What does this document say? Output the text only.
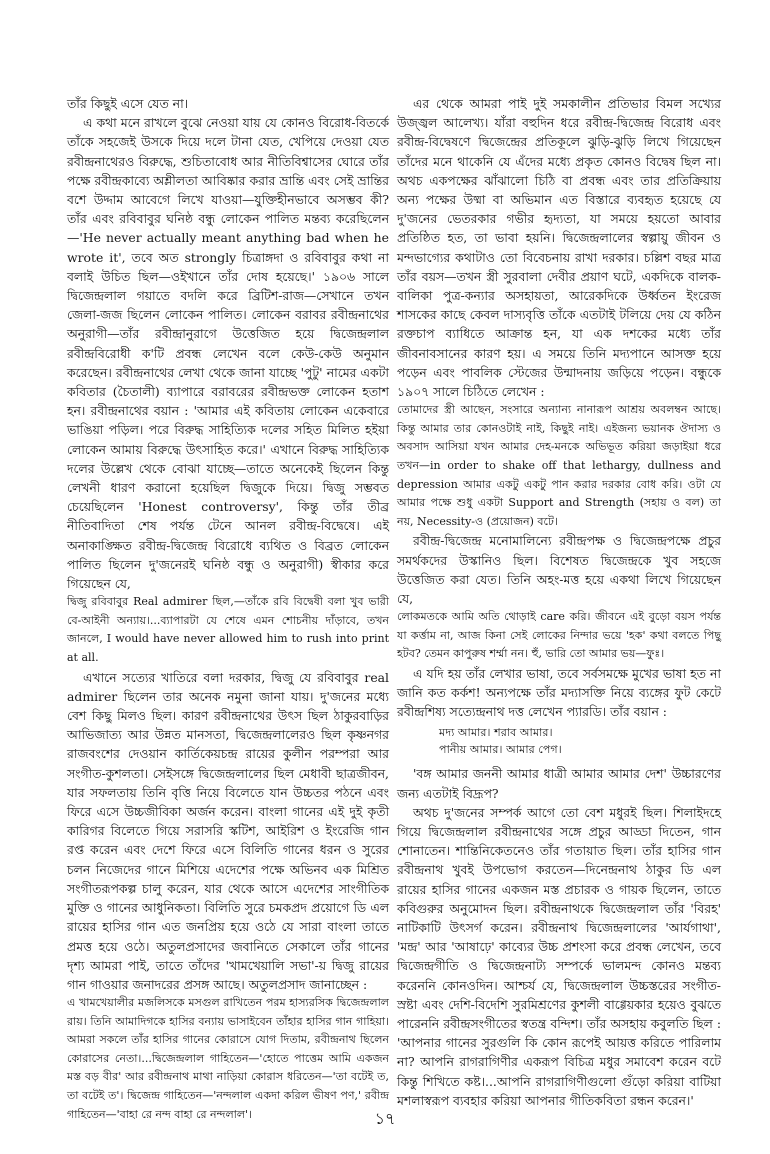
তাঁর কিছুই এসে যেত না।

এ কথা মনে রাখলে বুঝে নেওয়া যায় যে কোনও বিরোধ-বিতর্কে তাঁকে সহজেই উসকে দিয়ে দলে টানা যেত, খেপিয়ে দেওয়া যেত রবীন্দ্রনাথেরও বিরুদ্ধে, শুচিতাবোধ আর নীতিবিশ্বাসের ঘোরে তাঁর পক্ষে রবীন্দ্রকাব্যে অশ্লীলতা আবিষ্কার করার ভ্রান্তি এবং সেই ভ্রান্তির বশে উদ্দাম আবেগে লিখে যাওয়া—যুক্তিহীনভাবে অসম্ভব কী? তাঁর এবং রবিবাবুর ঘনিষ্ঠ বন্ধু লোকেন পালিত মন্তব্য করেছিলেন—'He never actually meant anything bad when he wrote it', তবে অত strongly চিত্রাঙ্গদা ও রবিবাবুর কথা না বলাই উচিত ছিল—ওইখানে তাঁর দোষ হয়েছে।' ১৯০৬ সালে দ্বিজেন্দ্রলাল গয়াতে বদলি করে ব্রিটিশ-রাজ—সেখানে তখন জেলা-জজ ছিলেন লোকেন পালিত। লোকেন বরাবর রবীন্দ্রনাথের অনুরাগী—তাঁর রবীন্দ্রানুরাগে উত্তেজিত হয়ে দ্বিজেন্দ্রলাল রবীন্দ্রবিরোধী ক'টি প্রবন্ধ লেখেন বলে কেউ-কেউ অনুমান করেছেন। রবীন্দ্রনাথের লেখা থেকে জানা যাচ্ছে 'পুটু' নামের একটা কবিতার (চৈতালী) ব্যাপারে বরাবরের রবীন্দ্রভক্ত লোকেন হতাশ হন। রবীন্দ্রনাথের বয়ান : 'আমার এই কবিতায় লোকেন একেবারে ভাঙিয়া পড়িল। পরে বিরুদ্ধ সাহিত্যিক দলের সহিত মিলিত হইয়া লোকেন আমায় বিরুদ্ধে উৎসাহিত করে।' এখানে বিরুদ্ধ সাহিত্যিক দলের উল্লেখ থেকে বোঝা যাচ্ছে—তাতে অনেকেই ছিলেন কিন্তু লেখনী ধারণ করানো হয়েছিল দ্বিজুকে দিয়ে। দ্বিজু সম্ভবত চেয়েছিলেন 'Honest controversy', কিন্তু তাঁর তীব্র নীতিবাদিতা শেষ পর্যন্ত টেনে আনল রবীন্দ্র-বিদ্বেষে। এই অনাকাঙ্ক্ষিত রবীন্দ্র-দ্বিজেন্দ্র বিরোধে ব্যথিত ও বিব্রত লোকেন পালিত ছিলেন দু'জনেরই ঘনিষ্ঠ বন্ধু ও অনুরাগী) স্বীকার করে গিয়েছেন যে,

দ্বিজু রবিবাবুর Real admirer ছিল,—তাঁকে রবি বিদ্বেষী বলা খুব ভারী বে-আইনী অন্যায়।...ব্যাপারটা যে শেষে এমন শোচনীয় দাঁড়াবে, তখন জানলে, I would have never allowed him to rush into print at all.

এখানে সত্যের খাতিরে বলা দরকার, দ্বিজু যে রবিবাবুর real admirer ছিলেন তার অনেক নমুনা জানা যায়। দু'জনের মধ্যে বেশ কিছু মিলও ছিল। কারণ রবীন্দ্রনাথের উৎস ছিল ঠাকুরবাড়ির আভিজাত্য আর উন্নত মানসতা, দ্বিজেন্দ্রলালেরও ছিল কৃষ্ণনগর রাজবংশের দেওয়ান কার্তিকেয়চন্দ্র রায়ের কুলীন পরম্পরা আর সংগীত-কুশলতা। সেইসঙ্গে দ্বিজেন্দ্রলালের ছিল মেধাবী ছাত্রজীবন, যার সফলতায় তিনি বৃত্তি নিয়ে বিলেতে যান উচ্চতর পঠনে এবং ফিরে এসে উচ্চজীবিকা অর্জন করেন। বাংলা গানের এই দুই কৃতী কারিগর বিলেতে গিয়ে সরাসরি স্কটিশ, আইরিশ ও ইংরেজি গান রপ্ত করেন এবং দেশে ফিরে এসে বিলিতি গানের ধরন ও সুরের চলন নিজেদের গানে মিশিয়ে এদেশের পক্ষে অভিনব এক মিশ্রিত সংগীতরূপকল্প চালু করেন, যার থেকে আসে এদেশের সাংগীতিক মুক্তি ও গানের আধুনিকতা। বিলিতি সুরে চমকপ্রদ প্রয়োগে ডি এল রায়ের হাসির গান এত জনপ্রিয় হয়ে ওঠে যে সারা বাংলা তাতে প্রমত্ত হয়ে ওঠে। অতুলপ্রসাদের জবানিতে সেকালে তাঁর গানের দৃশ্য আমরা পাই, তাতে তাঁদের 'খামখেয়ালি সভা'-য় দ্বিজু রায়ের গান গাওয়ার জনাদরের প্রসঙ্গ আছে। অতুলপ্রসাদ জানাচ্ছেন :

এ খামখেয়ালীর মজলিসকে মসগুল রাখিতেন পরম হাস্যরসিক দ্বিজেন্দ্রলাল রায়। তিনি আমাদিগকে হাসির বন্যায় ভাসাইবেন তাঁহার হাসির গান গাহিয়া। আমরা সকলে তাঁর হাসির গানের কোরাসে যোগ দিতাম, রবীন্দ্রনাথ ছিলেন কোরাসের নেতা।...দ্বিজেন্দ্রলাল গাহিতেন—'হোতে পাত্তেম আমি একজন মস্ত বড় বীর' আর রবীন্দ্রনাথ মাথা নাড়িয়া কোরাস ধরিতেন—'তা বটেই ত, তা বটেই ত'। দ্বিজেন্দ্র গাহিতেন—'নন্দলাল একদা করিল ভীষণ পণ,' রবীন্দ্র গাহিতেন—'বাহা রে নন্দ বাহা রে নন্দলাল'।

এর থেকে আমরা পাই দুই সমকালীন প্রতিভার বিমল সখ্যের উজ্জ্বল আলেখ্য। যাঁরা বহুদিন ধরে রবীন্দ্র-দ্বিজেন্দ্র বিরোধ এবং রবীন্দ্র-বিদ্বেষণে দ্বিজেন্দ্রের প্রতিকূলে ঝুড়ি-ঝুড়ি লিখে গিয়েছেন তাঁদের মনে থাকেনি যে এঁদের মধ্যে প্রকৃত কোনও বিদ্বেষ ছিল না। অথচ একপক্ষের ঝাঁঝালো চিঠি বা প্রবন্ধ এবং তার প্রতিক্রিয়ায় অন্য পক্ষের উষ্মা বা অভিমান এত বিস্তারে ব্যবহৃত হয়েছে যে দু'জনের ভেতরকার গভীর হৃদ্যতা, যা সময়ে হয়তো আবার প্রতিষ্ঠিত হত, তা ভাবা হয়নি। দ্বিজেন্দ্রলালের স্বল্পায়ু জীবন ও মন্দভাগ্যের কথাটাও তো বিবেচনায় রাখা দরকার। চল্লিশ বছর মাত্র তাঁর বয়স—তখন স্ত্রী সুরবালা দেবীর প্রয়াণ ঘটে, একদিকে বালক-বালিকা পুত্র-কন্যার অসহায়তা, আরেকদিকে উর্ধ্বতন ইংরেজ শাসকের কাছে কেবল দাস্যবৃত্তি তাঁকে এতটাই টলিয়ে দেয় যে কঠিন রক্তচাপ ব্যাধিতে আক্রান্ত হন, যা এক দশকের মধ্যে তাঁর জীবনাবসানের কারণ হয়। এ সময়ে তিনি মদ্যপানে আসক্ত হয়ে পড়েন এবং পাবলিক স্টেজের উন্মাদনায় জড়িয়ে পড়েন। বন্ধুকে ১৯০৭ সালে চিঠিতে লেখেন :

তোমাদের স্ত্রী আছেন, সংসারে অন্যান্য নানারূপ আশ্রয় অবলম্বন আছে। কিন্তু আমার তার কোনওটাই নাই, কিছুই নাই। এইজন্য ভয়ানক ঔদাস্য ও অবসাদ আসিয়া যখন আমার দেহ-মনকে অভিভূত করিয়া জড়াইয়া ধরে তখন—in order to shake off that lethargy, dullness and depression আমার একটু একটু পান করার দরকার বোধ করি। ওটা যে আমার পক্ষে শুধু একটা Support and Strength (সহায় ও বল) তা নয়, Necessity-ও (প্রয়োজন) বটে।

রবীন্দ্র-দ্বিজেন্দ্র মনোমালিন্যে রবীন্দ্রপক্ষ ও দ্বিজেন্দ্রপক্ষে প্রচুর সমর্থকদের উস্কানিও ছিল। বিশেষত দ্বিজেন্দ্রকে খুব সহজে উত্তেজিত করা যেত। তিনি অহং-মত্ত হয়ে একথা লিখে গিয়েছেন যে,

লোকমতকে আমি অতি থোড়াই care করি। জীবনে এই বুড়ো বয়স পর্যন্ত যা কর্ত্তাম না, আজ কিনা সেই লোকের নিন্দার ভয়ে 'হক' কথা বলতে পিছু হটব? তেমন কাপুরুষ শর্ম্মা নন। হুঁ, ভারি তো আমার ভয়—ফুঃ।

এ যদি হয় তাঁর লেখার ভাষা, তবে সর্বসমক্ষে মুখের ভাষা হত না জানি কত কর্কশ! অন্যপক্ষে তাঁর মদ্যাসক্তি নিয়ে ব্যঙ্গের ফুট কেটে রবীন্দ্রশিষ্য সত্যেন্দ্রনাথ দত্ত লেখেন প্যারডি। তাঁর বয়ান :

মদ্য আমার। শরাব আমার।
পানীয় আমার। আমার পেগ।

'বঙ্গ আমার জননী আমার ধাত্রী আমার আমার দেশ' উচ্চারণের জন্য এতটাই বিদ্রূপ?

অথচ দু'জনের সম্পর্ক আগে তো বেশ মধুরই ছিল। শিলাইদহে গিয়ে দ্বিজেন্দ্রলাল রবীন্দ্রনাথের সঙ্গে প্রচুর আড্ডা দিতেন, গান শোনাতেন। শান্তিনিকেতনেও তাঁর গতায়াত ছিল। তাঁর হাসির গান রবীন্দ্রনাথ খুবই উপভোগ করতেন—দিনেন্দ্রনাথ ঠাকুর ডি এল রায়ের হাসির গানের একজন মস্ত প্রচারক ও গায়ক ছিলেন, তাতে কবিগুরুর অনুমোদন ছিল। রবীন্দ্রনাথকে দ্বিজেন্দ্রলাল তাঁর 'বিরহ' নাটিকাটি উৎসর্গ করেন। রবীন্দ্রনাথ দ্বিজেন্দ্রলালের 'আর্যগাথা', 'মন্দ্র' আর 'আষাঢ়ে' কাব্যের উচ্চ প্রশংসা করে প্রবন্ধ লেখেন, তবে দ্বিজেন্দ্রগীতি ও দ্বিজেন্দ্রনাট্য সম্পর্কে ভালমন্দ কোনও মন্তব্য করেননি কোনওদিন। আশ্চর্য যে, দ্বিজেন্দ্রলাল উচ্চস্তরের সংগীত-স্রষ্টা এবং দেশি-বিদেশি সুরমিশ্রণের কুশলী বাগ্গেয়কার হয়েও বুঝতে পারেননি রবীন্দ্রসংগীতের স্বতন্ত্র বন্দিশ। তাঁর অসহায় কবুলতি ছিল : 'আপনার গানের সুরগুলি কি কোন রূপেই আয়ত্ত করিতে পারিলাম না? আপনি রাগরাগিণীর একরূপ বিচিত্র মধুর সমাবেশ করেন বটে কিন্তু শিখিতে কষ্ট।...আপনি রাগরাগিণীগুলো গুঁড়ো করিয়া বাটিয়া মশলাস্বরূপ ব্যবহার করিয়া আপনার গীতিকবিতা রন্ধন করেন।'

১৭
